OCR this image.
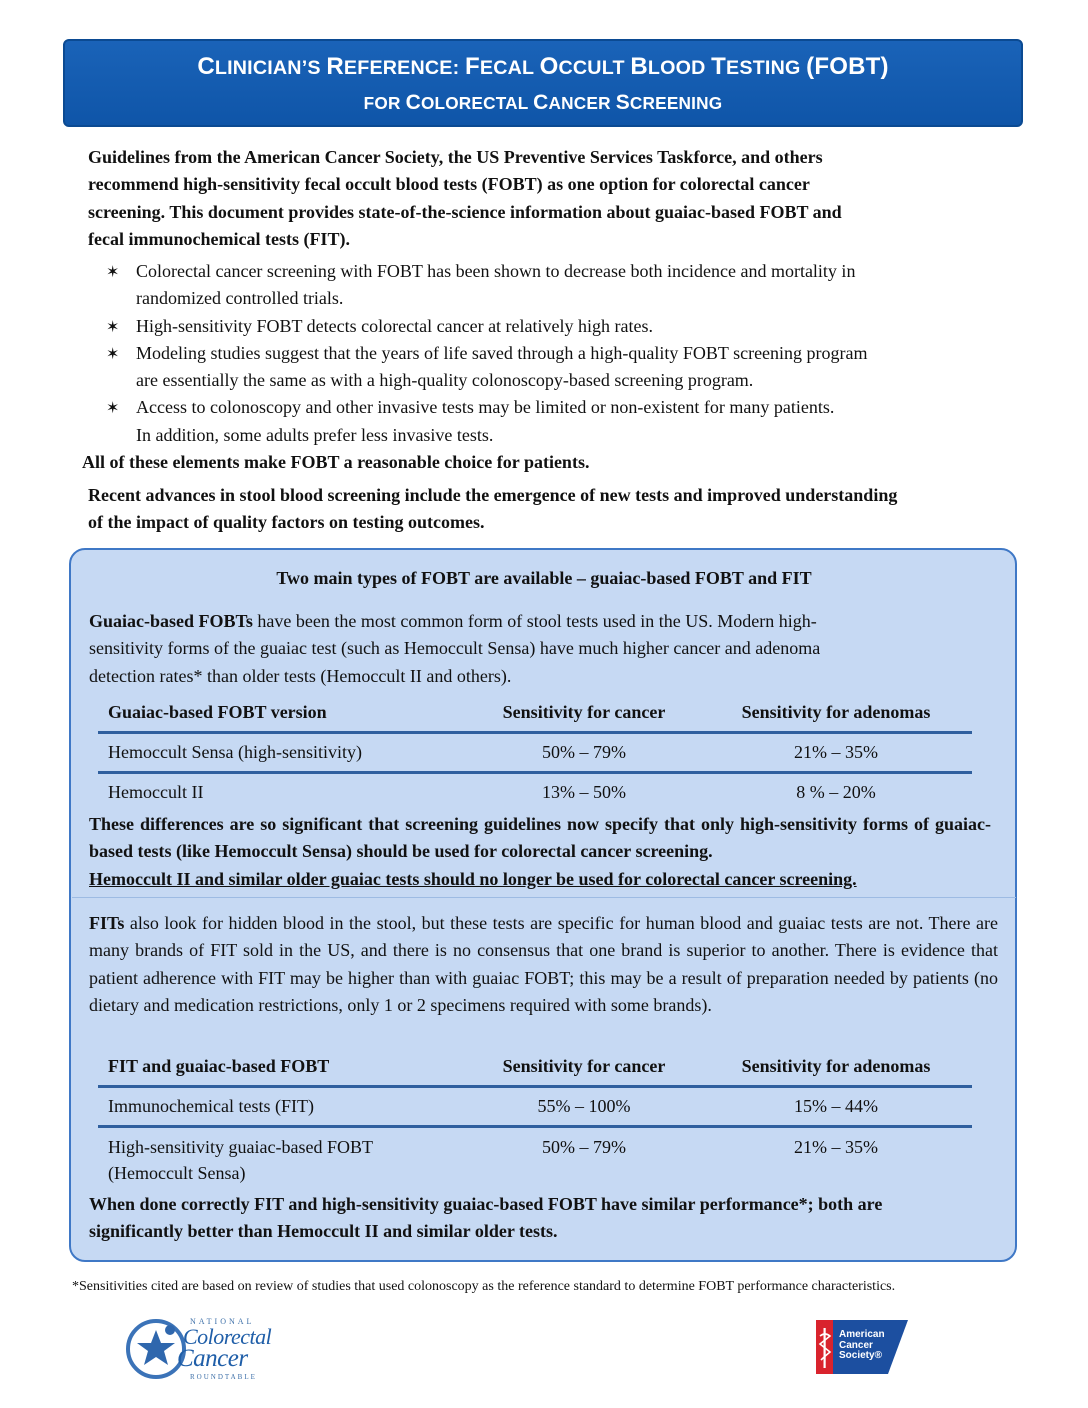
CLINICIAN’S REFERENCE: FECAL OCCULT BLOOD TESTING (FOBT)
FOR COLORECTAL CANCER SCREENING
Guidelines from the American Cancer Society, the US Preventive Services Taskforce, and others
recommend high-sensitivity fecal occult blood tests (FOBT) as one option for colorectal cancer
screening. This document provides state-of-the-science information about guaiac-based FOBT and
fecal immunochemical tests (FIT).
✶ Colorectal cancer screening with FOBT has been shown to decrease both incidence and mortality in
randomized controlled trials.
✶ High-sensitivity FOBT detects colorectal cancer at relatively high rates.
✶ Modeling studies suggest that the years of life saved through a high-quality FOBT screening program
are essentially the same as with a high-quality colonoscopy-based screening program.
✶ Access to colonoscopy and other invasive tests may be limited or non-existent for many patients.
In addition, some adults prefer less invasive tests.
All of these elements make FOBT a reasonable choice for patients.
Recent advances in stool blood screening include the emergence of new tests and improved understanding
of the impact of quality factors on testing outcomes.
Two main types of FOBT are available – guaiac-based FOBT and FIT
Guaiac-based FOBTs have been the most common form of stool tests used in the US. Modern high-
sensitivity forms of the guaiac test (such as Hemoccult Sensa) have much higher cancer and adenoma
detection rates* than older tests (Hemoccult II and others).
Guaiac-based FOBT version	Sensitivity for cancer	Sensitivity for adenomas
Hemoccult Sensa (high-sensitivity)	50% – 79%	21% – 35%
Hemoccult II	13% – 50%	8 % – 20%
These differences are so significant that screening guidelines now specify that only high-sensitivity forms of guaiac-based tests (like Hemoccult Sensa) should be used for colorectal cancer screening.
Hemoccult II and similar older guaiac tests should no longer be used for colorectal cancer screening.
FITs also look for hidden blood in the stool, but these tests are specific for human blood and guaiac tests are not. There are many brands of FIT sold in the US, and there is no consensus that one brand is superior to another. There is evidence that patient adherence with FIT may be higher than with guaiac FOBT; this may be a result of preparation needed by patients (no dietary and medication restrictions, only 1 or 2 specimens required with some brands).
FIT and guaiac-based FOBT	Sensitivity for cancer	Sensitivity for adenomas
Immunochemical tests (FIT)	55% – 100%	15% – 44%

High-sensitivity guaiac-based FOBT
(Hemoccult Sensa)	50% – 79%	21% – 35%
When done correctly FIT and high-sensitivity guaiac-based FOBT have similar performance*; both are
significantly better than Hemoccult II and similar older tests.
*Sensitivities cited are based on review of studies that used colonoscopy as the reference standard to determine FOBT performance characteristics.
NATIONAL
Colorectal
Cancer
ROUNDTABLE
American
Cancer
Society®
